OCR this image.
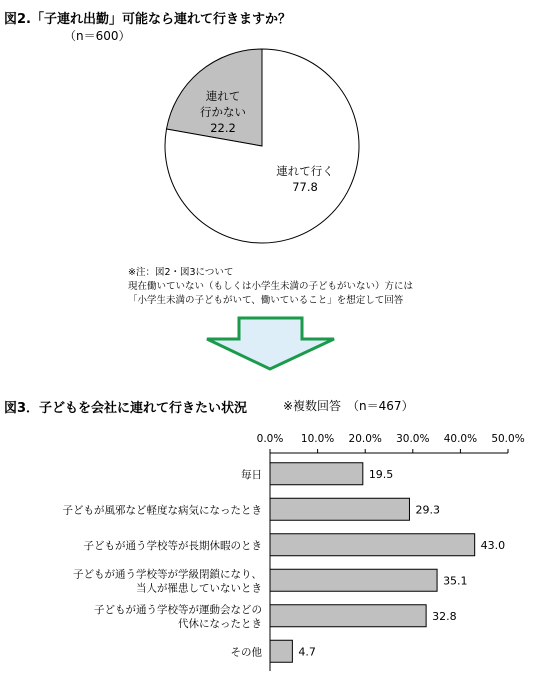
図2.「子連れ出勤」可能なら連れて行きますか？
（n＝600）
連れて
行かない
22.2
連れて行く
77.8
※注：図2・図3について
現在働いていない（もしくは小学生未満の子どもがいない）方には
「小学生未満の子どもがいて、働いていること」を想定して回答
図3．子どもを会社に連れて行きたい状況	※複数回答　（n＝467）
0.0% 10.0% 20.0% 30.0% 40.0% 50.0%
19.5
毎日
29.3
子どもが風邪など軽度な病気になったとき
43.0
子どもが通う学校等が長期休暇のとき
35.1
子どもが通う学校等が学級閉鎖になり、
当人が罹患していないとき
32.8
子どもが通う学校等が運動会などの
代休になったとき
4.7
その他
